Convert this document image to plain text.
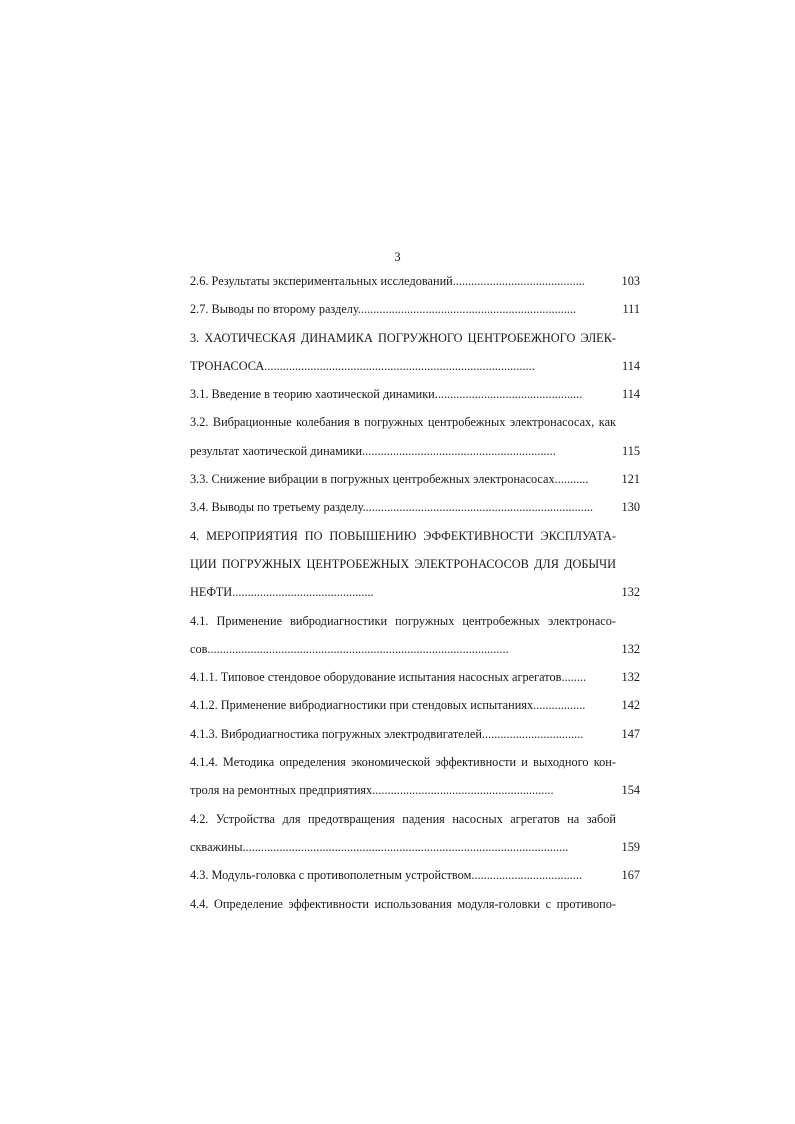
3
2.6. Результаты экспериментальных исследований...........................................	103
2.7. Выводы по второму разделу.......................................................................	111
3. ХАОТИЧЕСКАЯ ДИНАМИКА ПОГРУЖНОГО ЦЕНТРОБЕЖНОГО ЭЛЕК-
ТРОНАСОСА........................................................................................	114
3.1. Введение в теорию хаотической динамики................................................	114
3.2. Вибрационные колебания в погружных центробежных электронасосах, как
результат хаотической динамики...............................................................	115
3.3. Снижение вибрации в погружных центробежных электронасосах...........	121
3.4. Выводы по третьему разделу...........................................................................	130
4. МЕРОПРИЯТИЯ ПО ПОВЫШЕНИЮ ЭФФЕКТИВНОСТИ ЭКСПЛУАТА-
ЦИИ ПОГРУЖНЫХ ЦЕНТРОБЕЖНЫХ ЭЛЕКТРОНАСОСОВ ДЛЯ ДОБЫЧИ
НЕФТИ..............................................	132
4.1. Применение вибродиагностики погружных центробежных электронасо-
сов..................................................................................................	132
4.1.1. Типовое стендовое оборудование испытания насосных агрегатов........	132
4.1.2. Применение вибродиагностики при стендовых испытаниях.................	142
4.1.3. Вибродиагностика погружных электродвигателей.................................	147
4.1.4. Методика определения экономической эффективности и выходного кон-
троля на ремонтных предприятиях...........................................................	154
4.2. Устройства для предотвращения падения насосных агрегатов на забой
скважины..........................................................................................................	159
4.3. Модуль-головка с противополетным устройством....................................	167
4.4. Определение эффективности использования модуля-головки с противопо-
